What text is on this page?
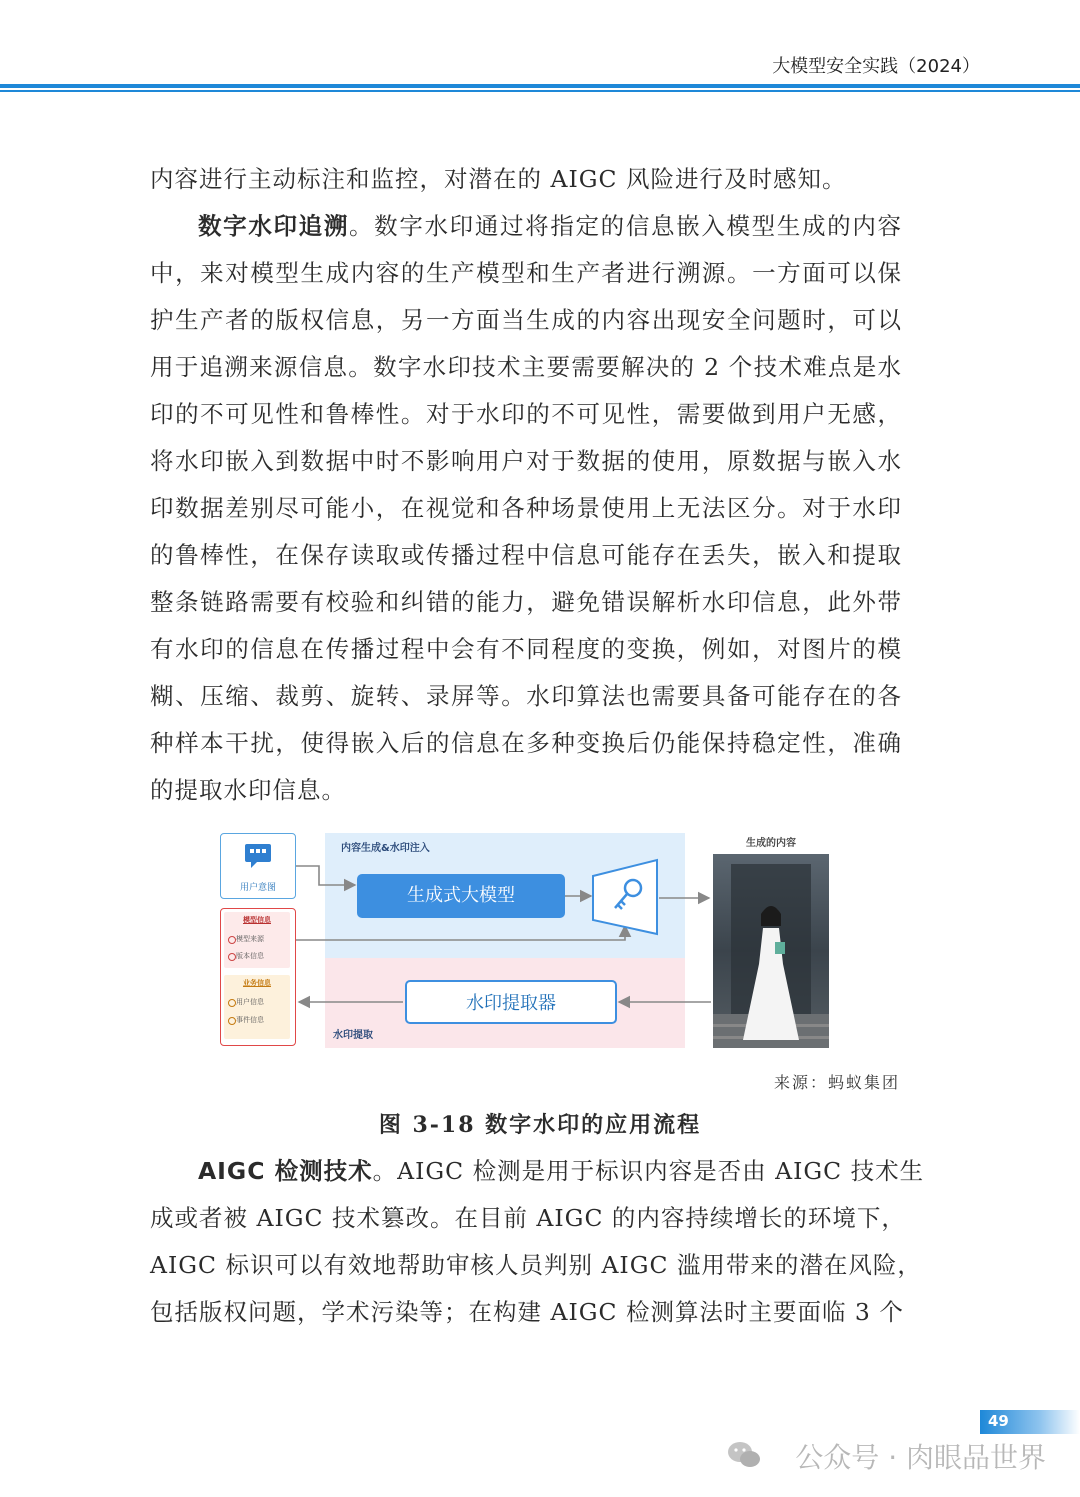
大模型安全实践（2024）
内容进行主动标注和监控，对潜在的 AIGC 风险进行及时感知。
数字水印追溯。数字水印通过将指定的信息嵌入模型生成的内容
中，来对模型生成内容的生产模型和生产者进行溯源。一方面可以保
护生产者的版权信息，另一方面当生成的内容出现安全问题时，可以
用于追溯来源信息。数字水印技术主要需要解决的 2 个技术难点是水
印的不可见性和鲁棒性。对于水印的不可见性，需要做到用户无感，
将水印嵌入到数据中时不影响用户对于数据的使用，原数据与嵌入水
印数据差别尽可能小，在视觉和各种场景使用上无法区分。对于水印
的鲁棒性，在保存读取或传播过程中信息可能存在丢失，嵌入和提取
整条链路需要有校验和纠错的能力，避免错误解析水印信息，此外带
有水印的信息在传播过程中会有不同程度的变换，例如，对图片的模
糊、压缩、裁剪、旋转、录屏等。水印算法也需要具备可能存在的各
种样本干扰，使得嵌入后的信息在多种变换后仍能保持稳定性，准确
的提取水印信息。
内容生成&水印注入
水印提取
用户意图
模型信息
模型来源
版本信息
业务信息
用户信息
事件信息
生成式大模型
水印提取器
生成的内容
来源：蚂蚁集团
图 3-18 数字水印的应用流程
AIGC 检测技术。AIGC 检测是用于标识内容是否由 AIGC 技术生
成或者被 AIGC 技术篡改。在目前 AIGC 的内容持续增长的环境下，
AIGC 标识可以有效地帮助审核人员判别 AIGC 滥用带来的潜在风险，
包括版权问题，学术污染等；在构建 AIGC 检测算法时主要面临 3 个
49
公众号 · 肉眼品世界
